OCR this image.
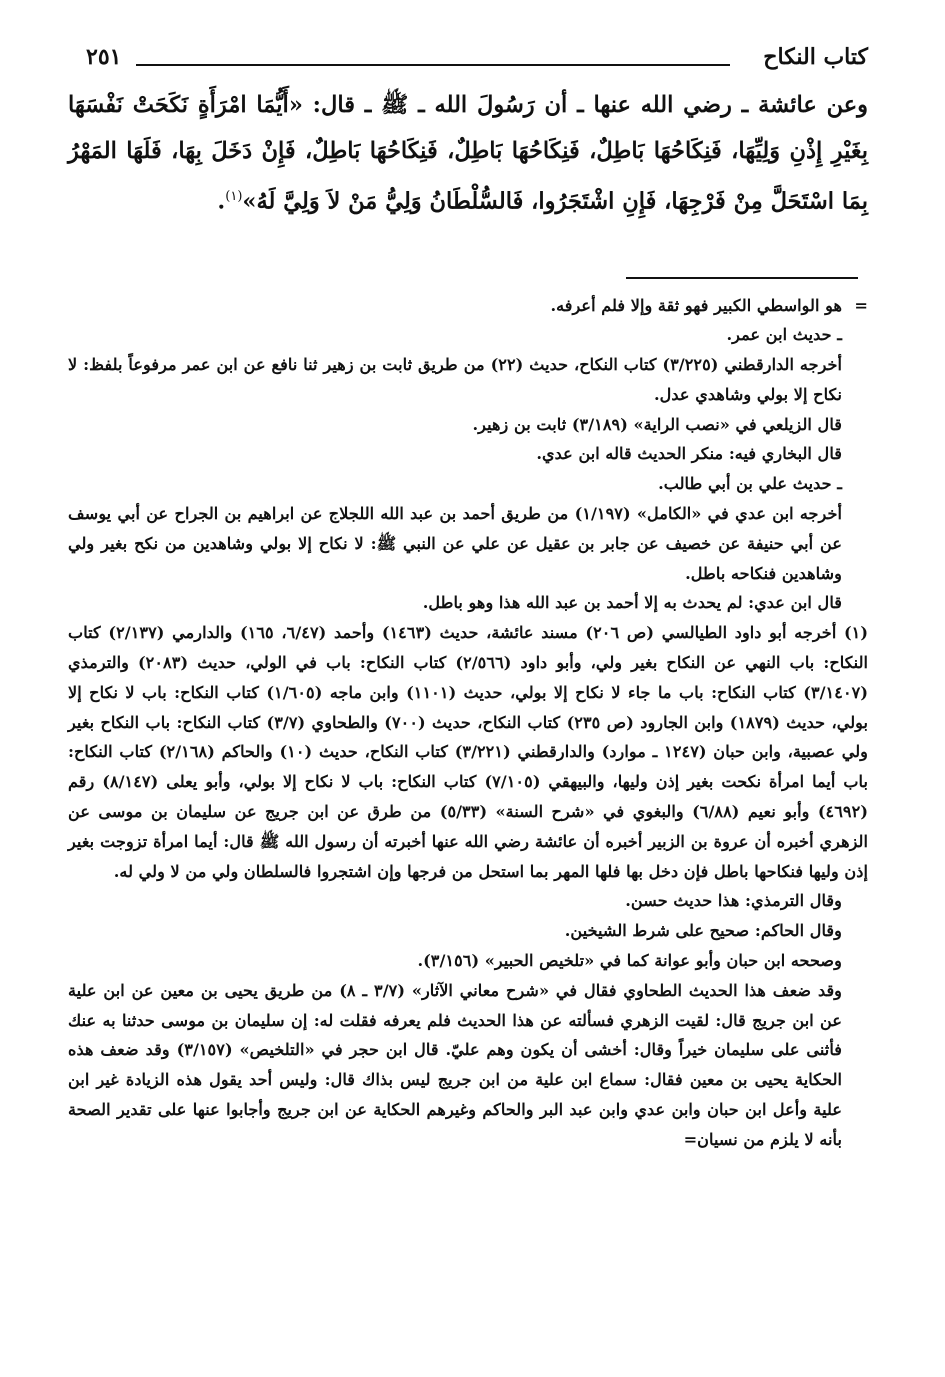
كتاب النكاح
٢٥١

وعن عائشة ـ رضي الله عنها ـ أن رَسُولَ الله ـ ﷺ ـ قال: «أَيُّمَا امْرَأَةٍ نَكَحَتْ نَفْسَهَا بِغَيْرِ إِذْنِ وَلِيِّهَا، فَنِكَاحُهَا بَاطِلٌ، فَنِكَاحُهَا بَاطِلٌ، فَنِكَاحُهَا بَاطِلٌ، فَإِنْ دَخَلَ بِهَا، فَلَهَا المَهْرُ بِمَا اسْتَحَلَّ مِنْ فَرْجِهَا، فَإِنِ اشْتَجَرُوا، فَالسُّلْطَانُ وَلِيُّ مَنْ لاَ وَلِيَّ لَهُ»$^{(١)}$.

=هو الواسطي الكبير فهو ثقة وإلا فلم أعرفه.

ـ حديث ابن عمر.

أخرجه الدارقطني (٣/٢٢٥) كتاب النكاح، حديث (٢٢) من طريق ثابت بن زهير ثنا نافع عن ابن عمر مرفوعاً بلفظ: لا نكاح إلا بولي وشاهدي عدل.

قال الزيلعي في «نصب الراية» (٣/١٨٩) ثابت بن زهير.

قال البخاري فيه: منكر الحديث قاله ابن عدي.

ـ حديث علي بن أبي طالب.

أخرجه ابن عدي في «الكامل» (١/١٩٧) من طريق أحمد بن عبد الله اللجلاج عن ابراهيم بن الجراح عن أبي يوسف عن أبي حنيفة عن خصيف عن جابر بن عقيل عن علي عن النبي ﷺ: لا نكاح إلا بولي وشاهدين من نكح بغير ولي وشاهدين فنكاحه باطل.

قال ابن عدي: لم يحدث به إلا أحمد بن عبد الله هذا وهو باطل.

(١) أخرجه أبو داود الطيالسي (ص ٢٠٦) مسند عائشة، حديث (١٤٦٣) وأحمد (٦/٤٧، ١٦٥) والدارمي (٢/١٣٧) كتاب النكاح: باب النهي عن النكاح بغير ولي، وأبو داود (٢/٥٦٦) كتاب النكاح: باب في الولي، حديث (٢٠٨٣) والترمذي (٣/١٤٠٧) كتاب النكاح: باب ما جاء لا نكاح إلا بولي، حديث (١١٠١) وابن ماجه (١/٦٠٥) كتاب النكاح: باب لا نكاح إلا بولي، حديث (١٨٧٩) وابن الجارود (ص ٢٣٥) كتاب النكاح، حديث (٧٠٠) والطحاوي (٣/٧) كتاب النكاح: باب النكاح بغير ولي عصبية، وابن حبان (١٢٤٧ ـ موارد) والدارقطني (٣/٢٢١) كتاب النكاح، حديث (١٠) والحاكم (٢/١٦٨) كتاب النكاح: باب أيما امرأة نكحت بغير إذن وليها، والبيهقي (٧/١٠٥) كتاب النكاح: باب لا نكاح إلا بولي، وأبو يعلى (٨/١٤٧) رقم (٤٦٩٢) وأبو نعيم (٦/٨٨) والبغوي في «شرح السنة» (٥/٣٣) من طرق عن ابن جريج عن سليمان بن موسى عن الزهري أخبره أن عروة بن الزبير أخبره أن عائشة رضي الله عنها أخبرته أن رسول الله ﷺ قال: أيما امرأة تزوجت بغير إذن وليها فنكاحها باطل فإن دخل بها فلها المهر بما استحل من فرجها وإن اشتجروا فالسلطان ولي من لا ولي له.

وقال الترمذي: هذا حديث حسن.

وقال الحاكم: صحيح على شرط الشيخين.

وصححه ابن حبان وأبو عوانة كما في «تلخيص الحبير» (٣/١٥٦).

وقد ضعف هذا الحديث الطحاوي فقال في «شرح معاني الآثار» (٣/٧ ـ ٨) من طريق يحيى بن معين عن ابن علية عن ابن جريج قال: لقيت الزهري فسألته عن هذا الحديث فلم يعرفه فقلت له: إن سليمان بن موسى حدثنا به عنك فأثنى على سليمان خيراً وقال: أخشى أن يكون وهم عليّ. قال ابن حجر في «التلخيص» (٣/١٥٧) وقد ضعف هذه الحكاية يحيى بن معين فقال: سماع ابن علية من ابن جريج ليس بذاك قال: وليس أحد يقول هذه الزيادة غير ابن علية وأعل ابن حبان وابن عدي وابن عبد البر والحاكم وغيرهم الحكاية عن ابن جريج وأجابوا عنها على تقدير الصحة بأنه لا يلزم من نسيان=
